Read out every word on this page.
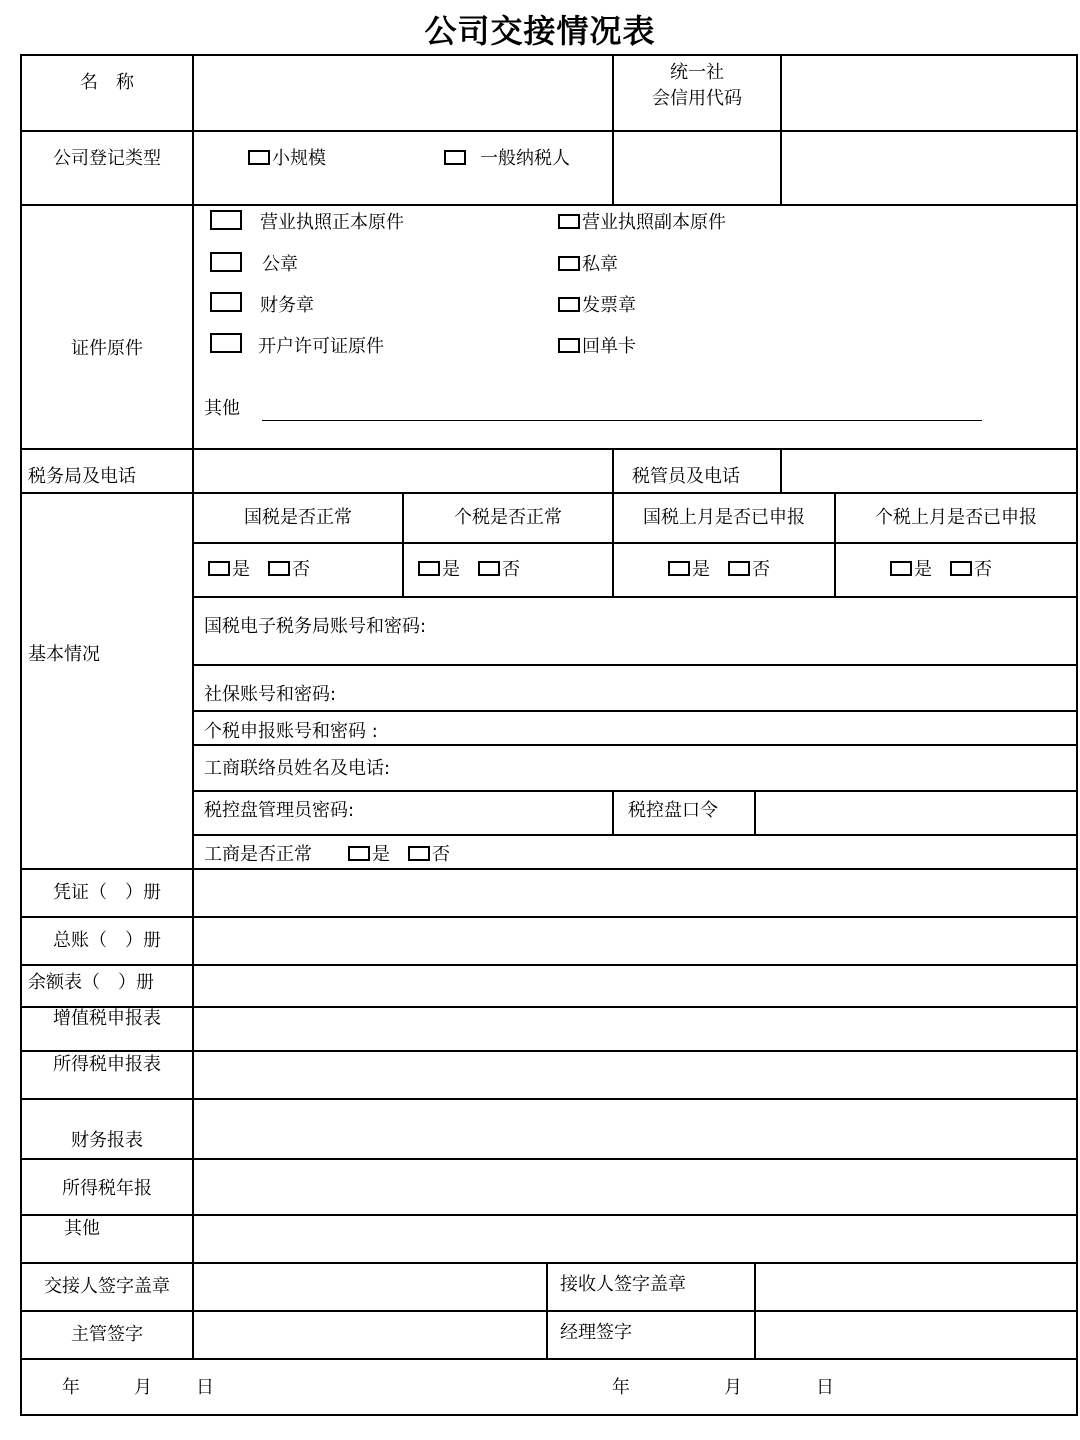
公司交接情况表
名　称	统一社
会信用代码
公司登记类型	小规模	一般纳税人
证件原件
营业执照正本原件	营业执照副本原件
公章	私章
财务章	发票章
开户许可证原件	回单卡
其他
税务局及电话	税管员及电话
基本情况
国税是否正常	个税是否正常	国税上月是否已申报	个税上月是否已申报
是 否	是 否	是 否	是 否
国税电子税务局账号和密码:
社保账号和密码:
个税申报账号和密码 :
工商联络员姓名及电话:
税控盘管理员密码:	税控盘口令
工商是否正常	是 否
凭证（　）册
总账（　）册
余额表（　）册
增值税申报表
所得税申报表
财务报表
所得税年报
其他
交接人签字盖章	接收人签字盖章
主管签字	经理签字
年	月 日	年	月	日
